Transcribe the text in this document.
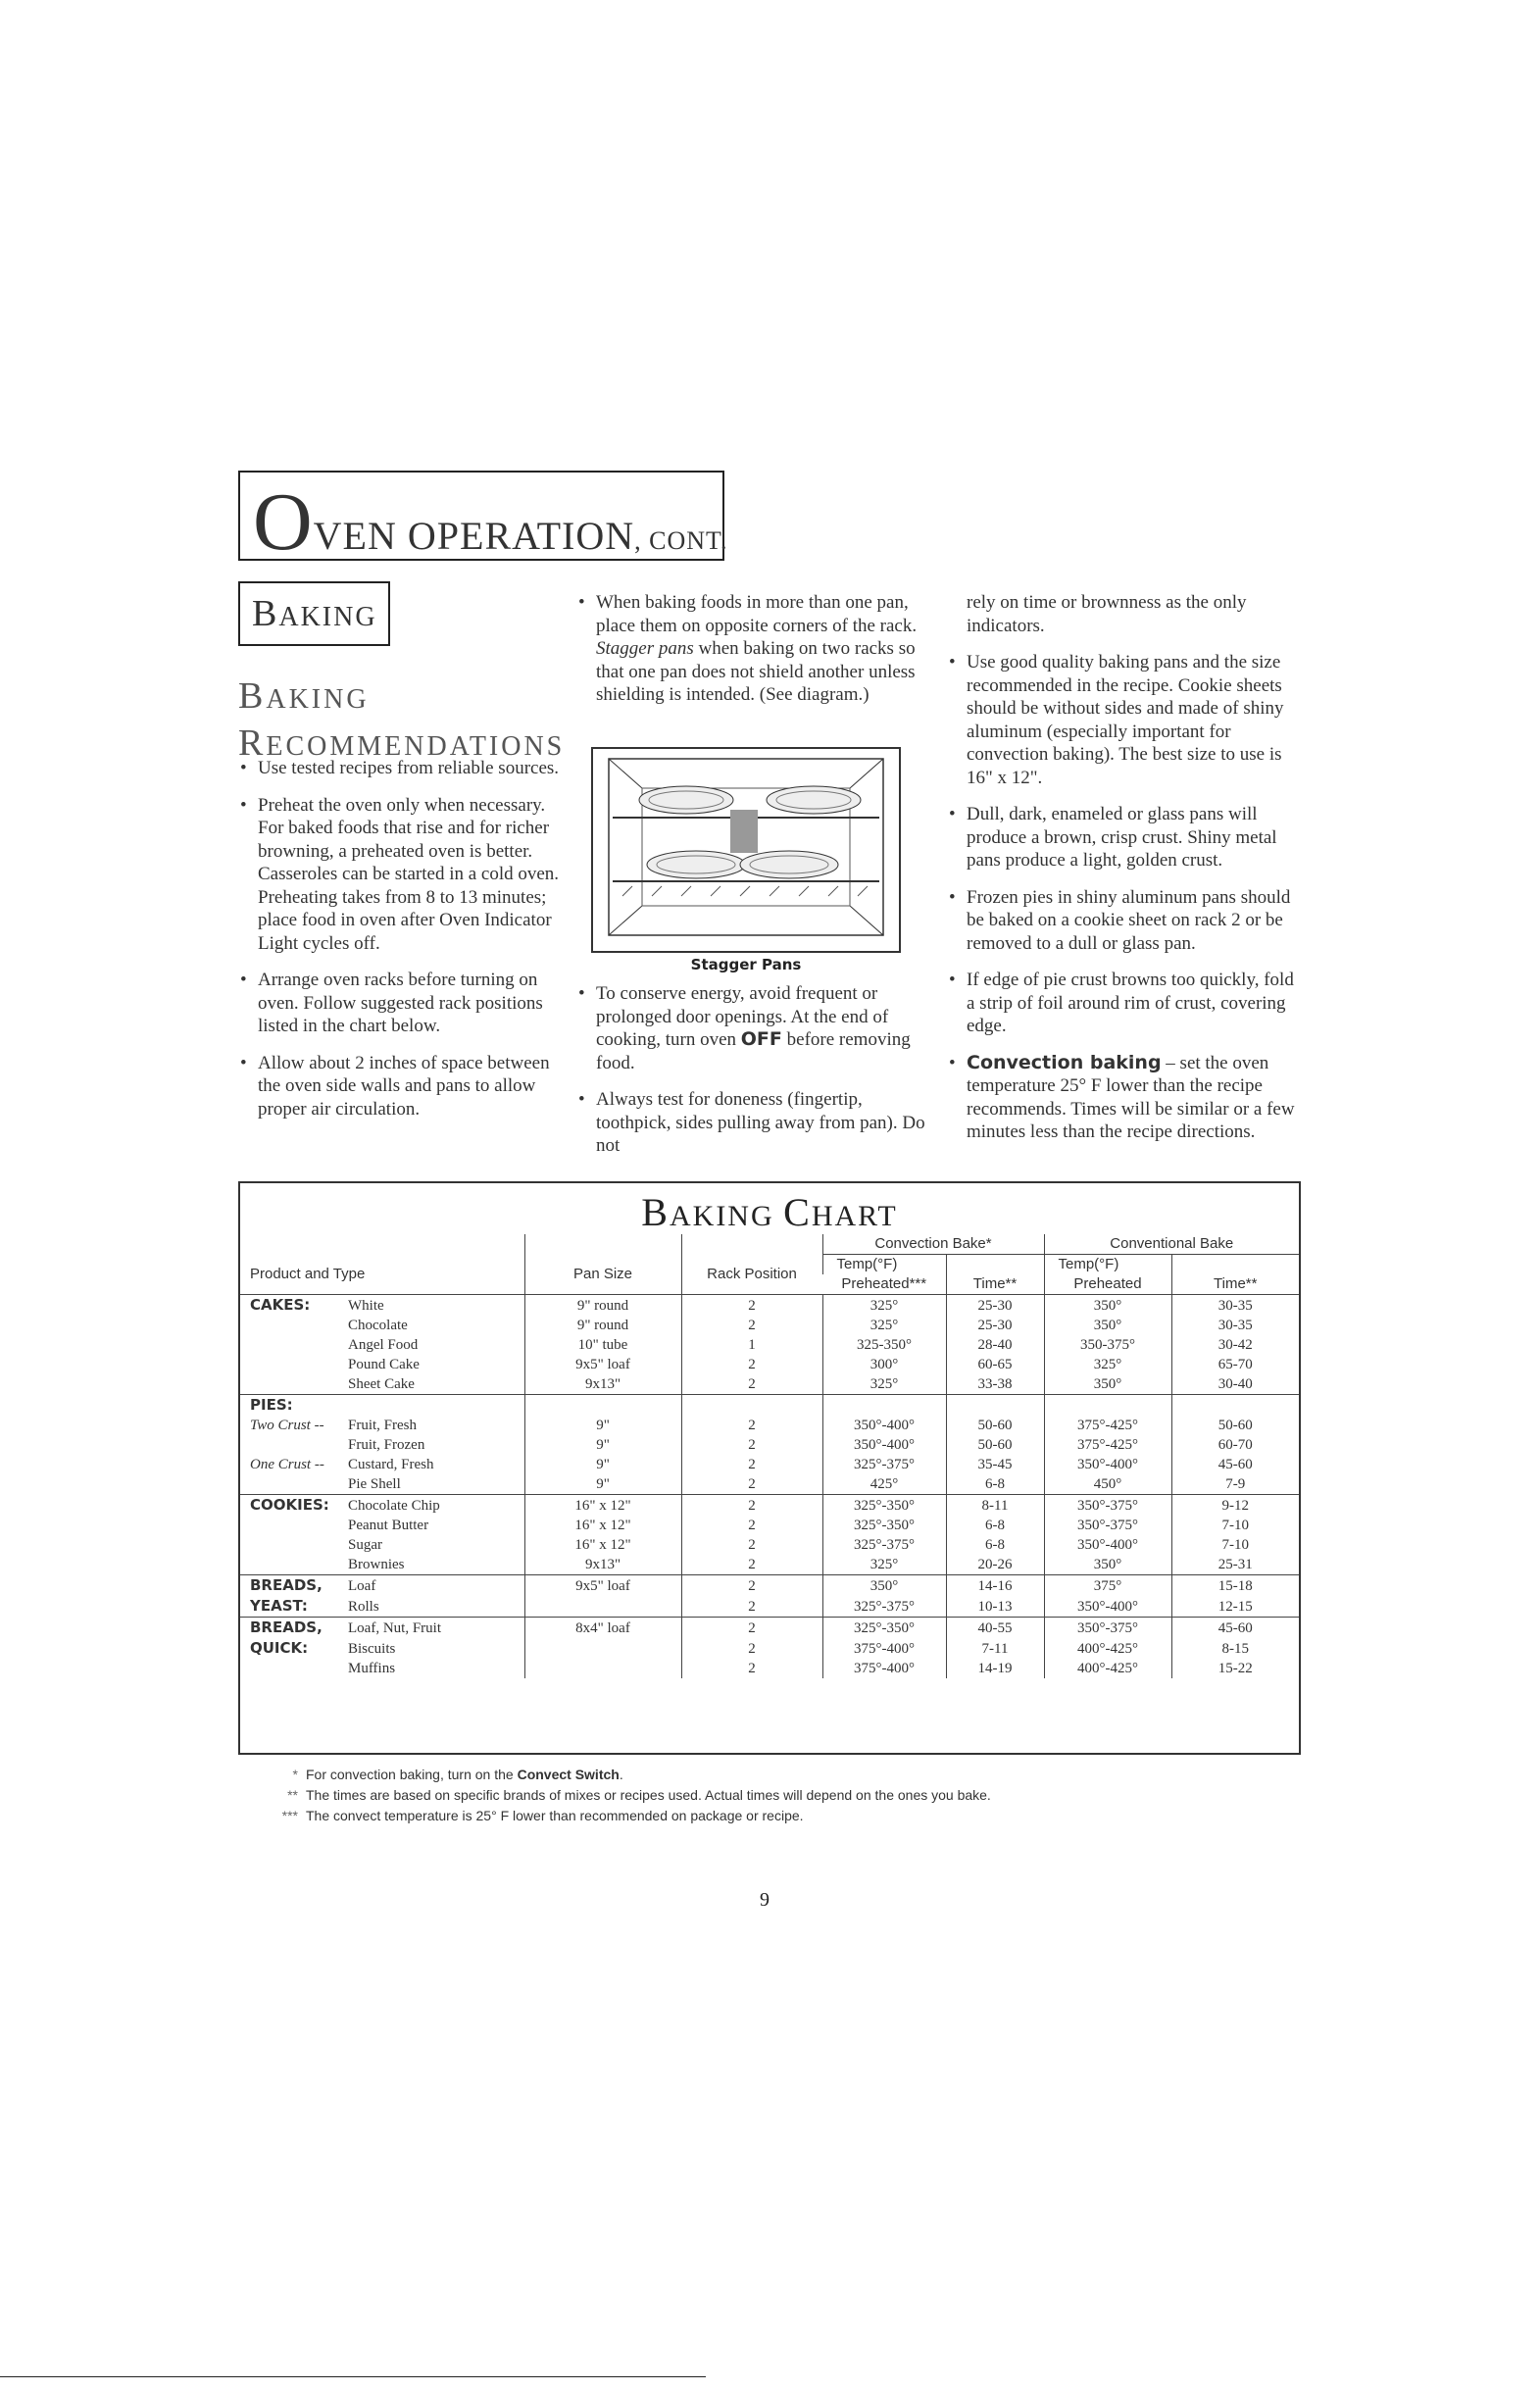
OVEN OPERATION, CONT.
BAKING
BAKING
RECOMMENDATIONS
• Use tested recipes from reliable sources.
• Preheat the oven only when necessary. For baked foods that rise and for richer browning, a preheated oven is better. Casseroles can be started in a cold oven. Preheating takes from 8 to 13 minutes; place food in oven after Oven Indicator Light cycles off.
• Arrange oven racks before turning on oven. Follow suggested rack positions listed in the chart below.
• Allow about 2 inches of space between the oven side walls and pans to allow proper air circulation.
• When baking foods in more than one pan, place them on opposite corners of the rack. Stagger pans when baking on two racks so that one pan does not shield another unless shielding is intended. (See diagram.)
Stagger Pans
• To conserve energy, avoid frequent or prolonged door openings. At the end of cooking, turn oven OFF before removing food.
• Always test for doneness (fingertip, toothpick, sides pulling away from pan). Do not
rely on time or brownness as the only indicators.
• Use good quality baking pans and the size recommended in the recipe. Cookie sheets should be without sides and made of shiny aluminum (especially important for convection baking). The best size to use is 16" x 12".
• Dull, dark, enameled or glass pans will produce a brown, crisp crust. Shiny metal pans produce a light, golden crust.
• Frozen pies in shiny aluminum pans should be baked on a cookie sheet on rack 2 or be removed to a dull or glass pan.
• If edge of pie crust browns too quickly, fold a strip of foil around rim of crust, covering edge.
• Convection baking – set the oven temperature 25° F lower than the recipe recommends. Times will be similar or a few minutes less than the recipe directions.
BAKING CHART
			Convection Bake*		Conventional Bake	
Product and Type	Pan Size	Rack Position	Temp(°F)		Temp(°F)	
			Preheated***	Time**	Preheated	Time**
CAKES: White	9" round	2	325°	25-30	350°	30-35
Chocolate	9" round	2	325°	25-30	350°	30-35
Angel Food	10" tube	1	325-350°	28-40	350-375°	30-42
Pound Cake	9x5" loaf	2	300°	60-65	325°	65-70
Sheet Cake	9x13"	2	325°	33-38	350°	30-40
PIES:						
Two Crust -- Fruit, Fresh	9"	2	350°-400°	50-60	375°-425°	50-60
Fruit, Frozen	9"	2	350°-400°	50-60	375°-425°	60-70
One Crust -- Custard, Fresh	9"	2	325°-375°	35-45	350°-400°	45-60
Pie Shell	9"	2	425°	6-8	450°	7-9
COOKIES: Chocolate Chip	16" x 12"	2	325°-350°	8-11	350°-375°	9-12
Peanut Butter	16" x 12"	2	325°-350°	6-8	350°-375°	7-10
Sugar	16" x 12"	2	325°-375°	6-8	350°-400°	7-10
Brownies	9x13"	2	325°	20-26	350°	25-31
BREADS, Loaf	9x5" loaf	2	350°	14-16	375°	15-18
YEAST: Rolls		2	325°-375°	10-13	350°-400°	12-15
BREADS, Loaf, Nut, Fruit	8x4" loaf	2	325°-350°	40-55	350°-375°	45-60
QUICK: Biscuits		2	375°-400°	7-11	400°-425°	8-15
Muffins		2	375°-400°	14-19	400°-425°	15-22
* For convection baking, turn on the Convect Switch.
** The times are based on specific brands of mixes or recipes used. Actual times will depend on the ones you bake.
*** The convect temperature is 25° F lower than recommended on package or recipe.
9
